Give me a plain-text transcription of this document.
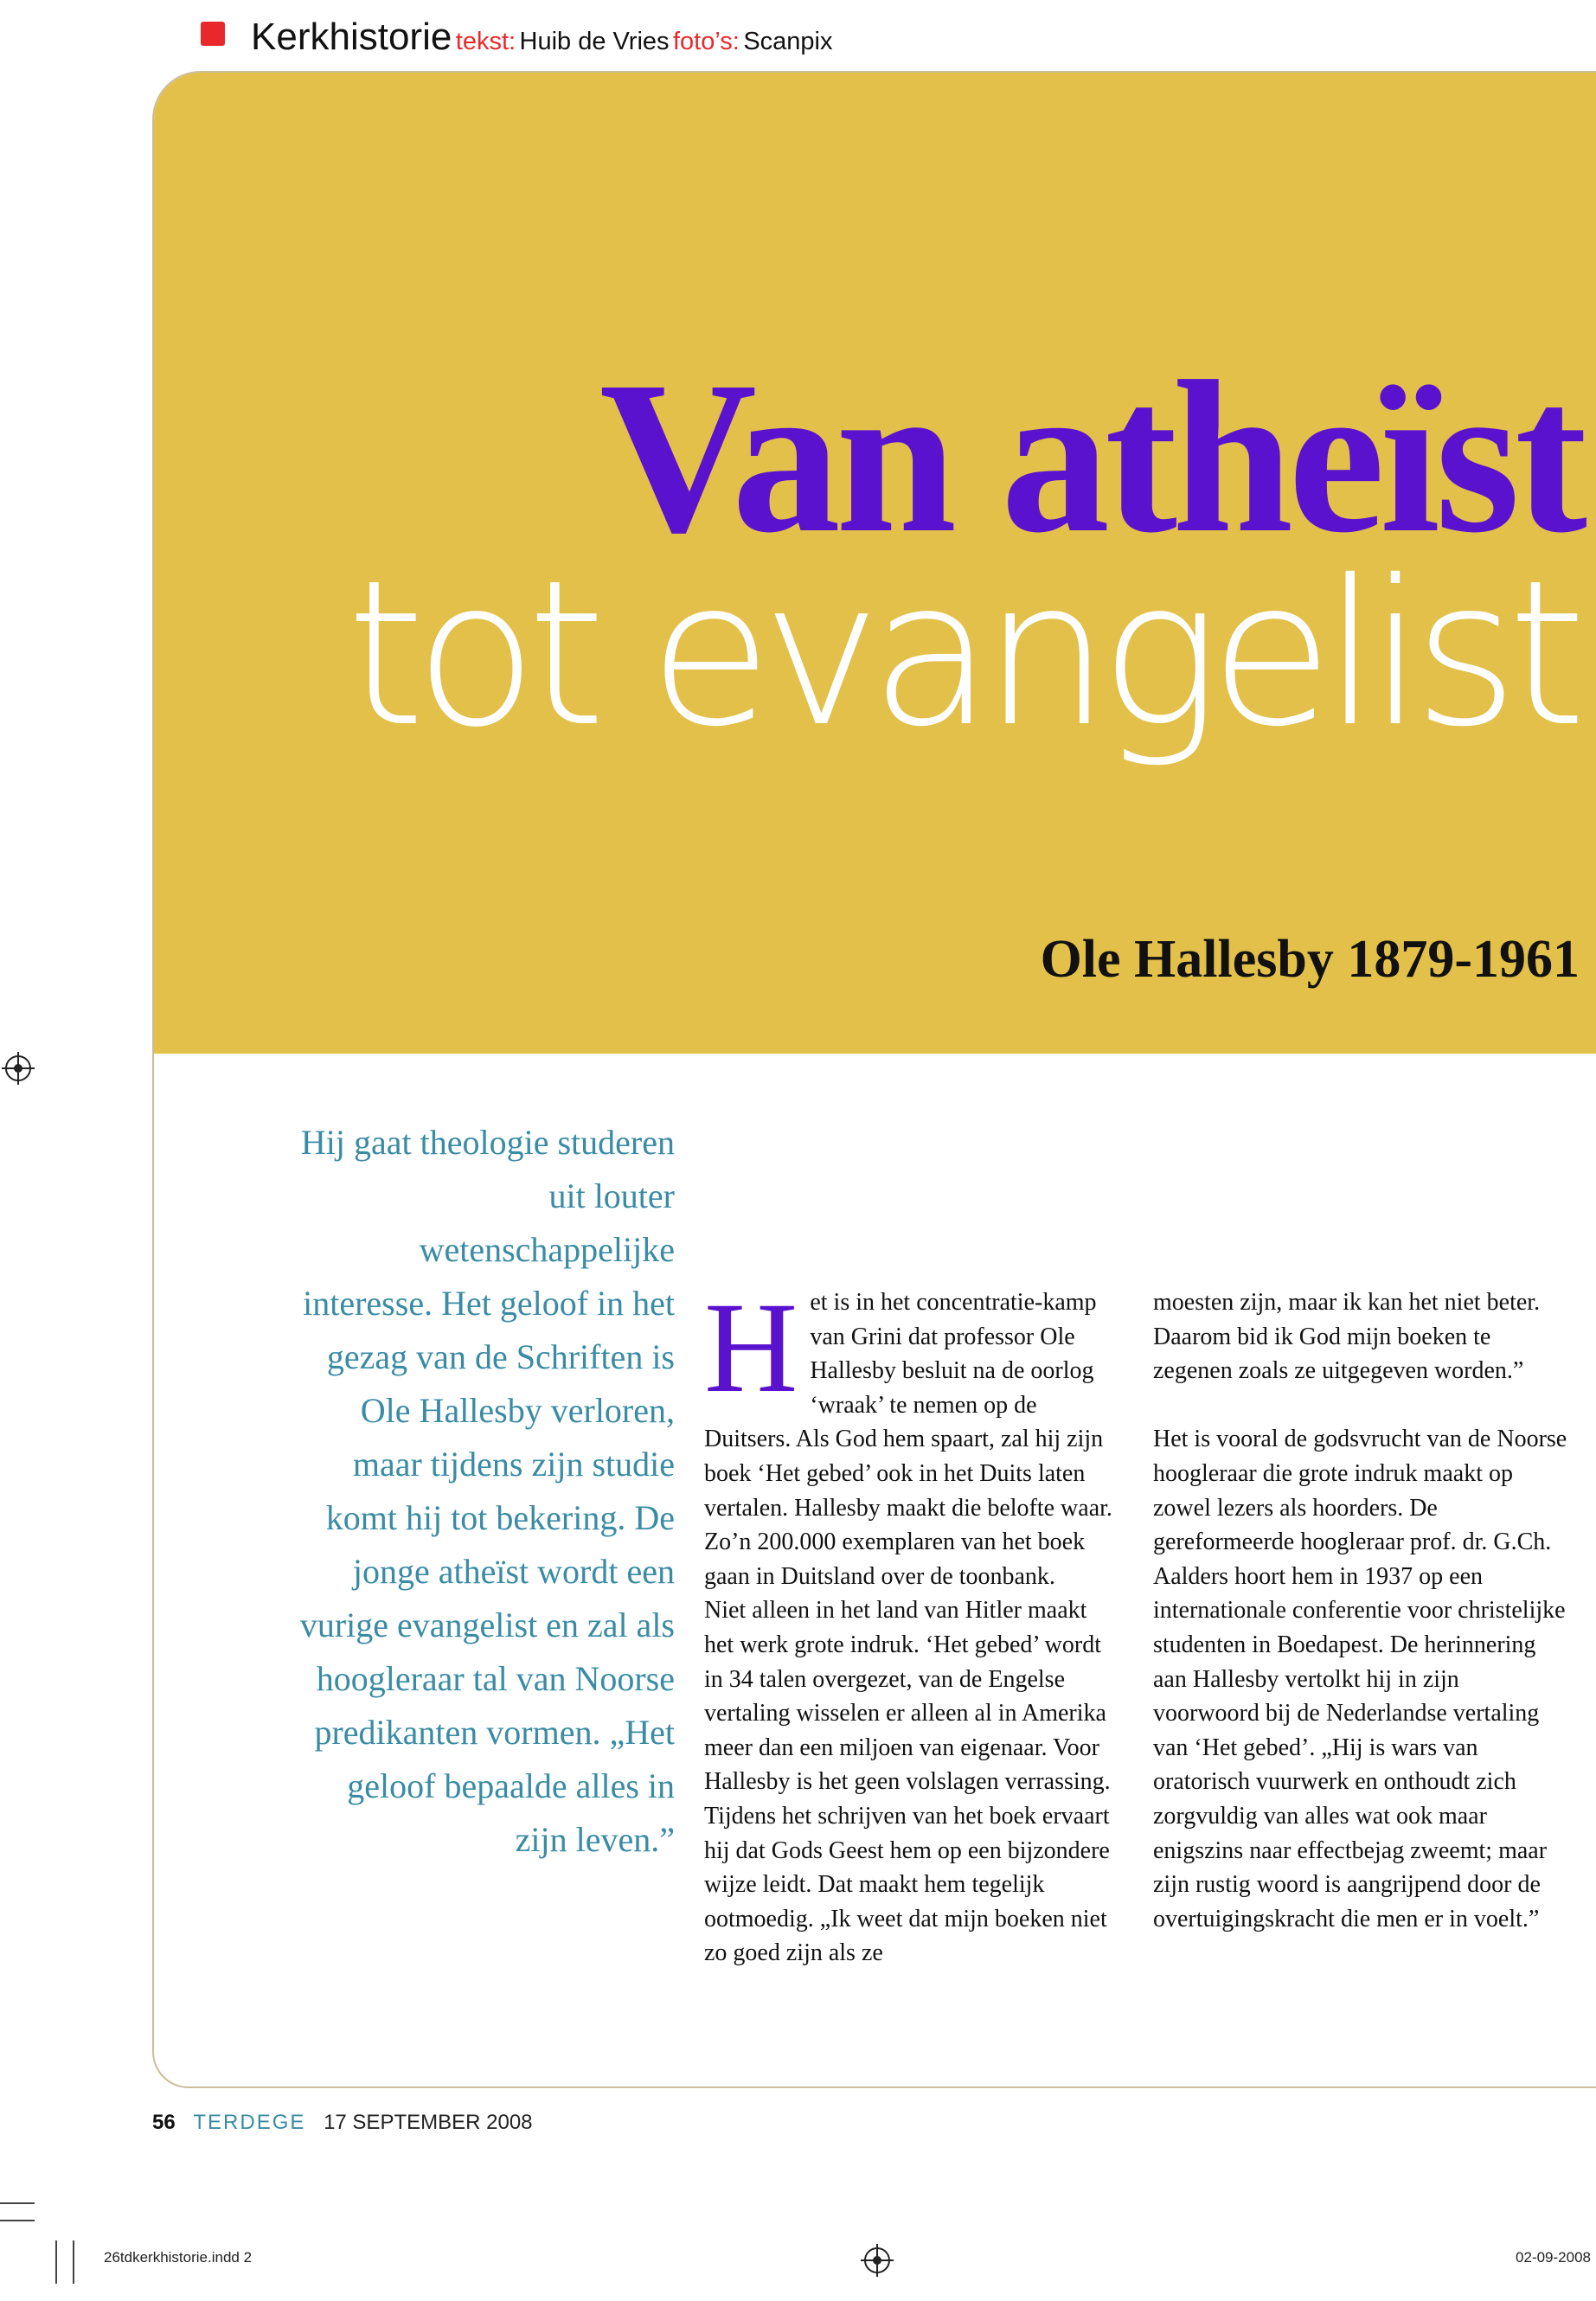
Kerkhistorie tekst: Huib de Vries foto’s: Scanpix
Van atheïst
tot evangelist
Ole Hallesby 1879-1961

Hij gaat theologie studeren uit louter wetenschappelijke interesse. Het geloof in het gezag van de Schriften is Ole Hallesby verloren, maar tijdens zijn studie komt hij tot bekering. De jonge atheïst wordt een vurige evangelist en zal als hoogleraar tal van Noorse predikanten vormen. „Het geloof bepaalde alles in zijn leven.”

Het is in het concentratie-kamp van Grini dat professor Ole Hallesby besluit na de oorlog ‘wraak’ te nemen op de Duitsers. Als God hem spaart, zal hij zijn boek ‘Het gebed’ ook in het Duits laten vertalen. Hallesby maakt die belofte waar. Zo’n 200.000 exemplaren van het boek gaan in Duitsland over de toonbank.

Niet alleen in het land van Hitler maakt het werk grote indruk. ‘Het gebed’ wordt in 34 talen overgezet, van de Engelse vertaling wisselen er alleen al in Amerika meer dan een miljoen van eigenaar. Voor Hallesby is het geen volslagen verrassing. Tijdens het schrijven van het boek ervaart hij dat Gods Geest hem op een bijzondere wijze leidt. Dat maakt hem tegelijk ootmoedig. „Ik weet dat mijn boeken niet zo goed zijn als ze

moesten zijn, maar ik kan het niet beter. Daarom bid ik God mijn boeken te zegenen zoals ze uitgegeven worden.”

Het is vooral de godsvrucht van de Noorse hoogleraar die grote indruk maakt op zowel lezers als hoorders. De gereformeerde hoogleraar prof. dr. G.Ch. Aalders hoort hem in 1937 op een internationale conferentie voor christelijke studenten in Boedapest. De herinnering aan Hallesby vertolkt hij in zijn voorwoord bij de Nederlandse vertaling van ‘Het gebed’. „Hij is wars van oratorisch vuurwerk en onthoudt zich zorgvuldig van alles wat ook maar enigszins naar effectbejag zweemt; maar zijn rustig woord is aangrijpend door de overtuigingskracht die men er in voelt.”

56 TERDEGE 17 SEPTEMBER 2008
26tdkerkhistorie.indd 2	02-09-2008
